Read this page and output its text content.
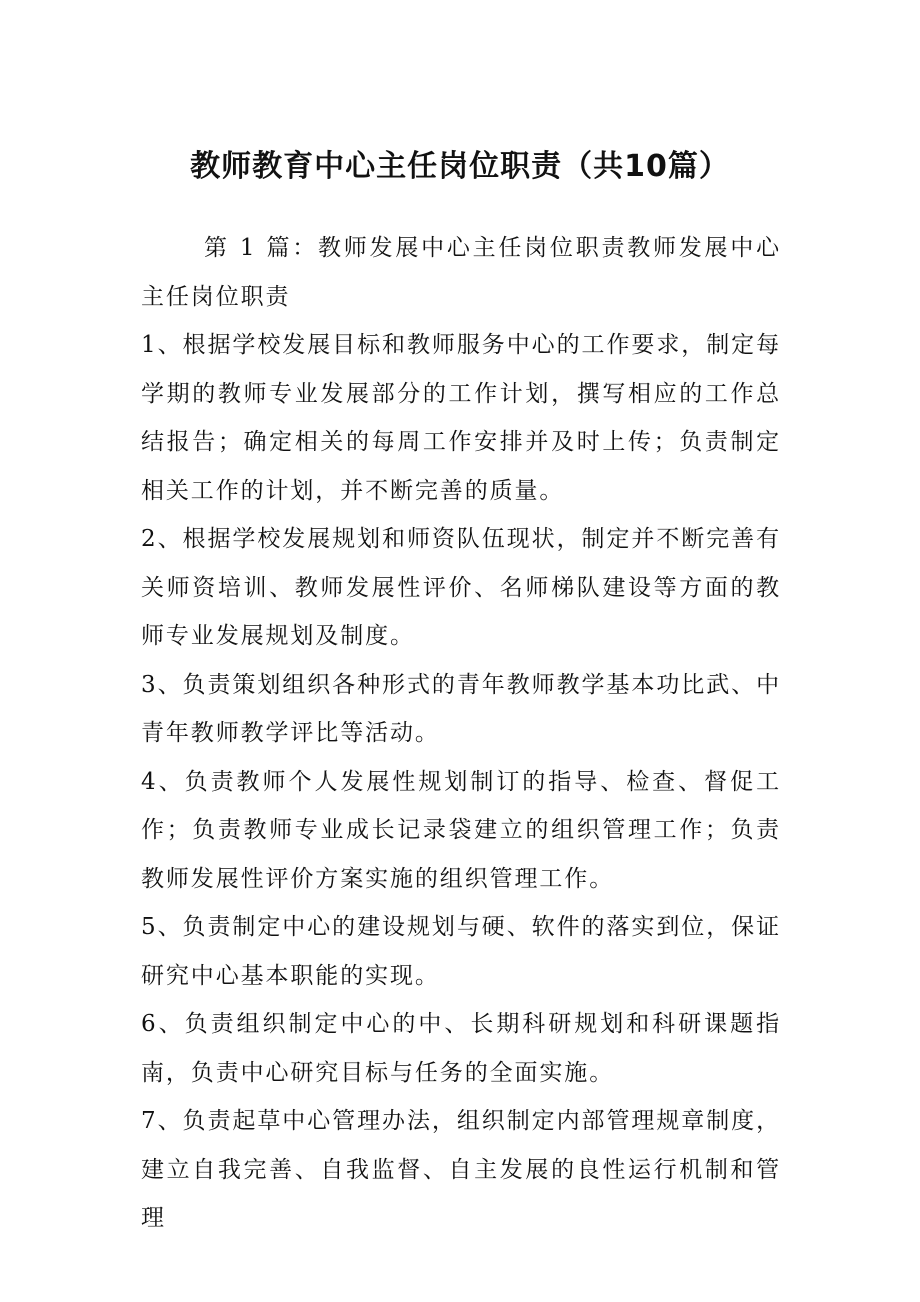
教师教育中心主任岗位职责（共10篇）

第 1 篇：教师发展中心主任岗位职责教师发展中心主任岗位职责

1、根据学校发展目标和教师服务中心的工作要求，制定每学期的教师专业发展部分的工作计划，撰写相应的工作总结报告；确定相关的每周工作安排并及时上传；负责制定相关工作的计划，并不断完善的质量。

2、根据学校发展规划和师资队伍现状，制定并不断完善有关师资培训、教师发展性评价、名师梯队建设等方面的教师专业发展规划及制度。

3、负责策划组织各种形式的青年教师教学基本功比武、中青年教师教学评比等活动。

4、负责教师个人发展性规划制订的指导、检查、督促工作；负责教师专业成长记录袋建立的组织管理工作；负责教师发展性评价方案实施的组织管理工作。

5、负责制定中心的建设规划与硬、软件的落实到位，保证研究中心基本职能的实现。

6、负责组织制定中心的中、长期科研规划和科研课题指南，负责中心研究目标与任务的全面实施。

7、负责起草中心管理办法，组织制定内部管理规章制度，建立自我完善、自我监督、自主发展的良性运行机制和管理
